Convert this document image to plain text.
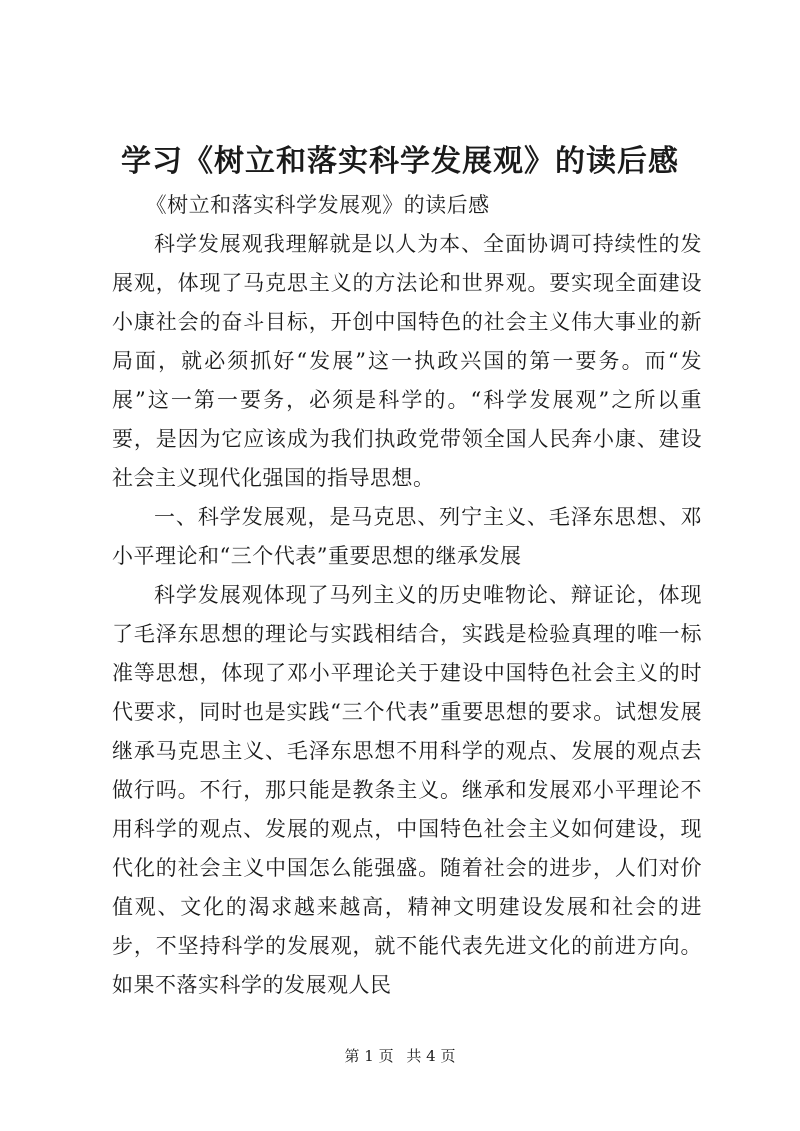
学习《树立和落实科学发展观》的读后感

《树立和落实科学发展观》的读后感

科学发展观我理解就是以人为本、全面协调可持续性的发展观，体现了马克思主义的方法论和世界观。要实现全面建设小康社会的奋斗目标，开创中国特色的社会主义伟大事业的新局面，就必须抓好“发展”这一执政兴国的第一要务。而“发展”这一第一要务，必须是科学的。“科学发展观”之所以重要，是因为它应该成为我们执政党带领全国人民奔小康、建设社会主义现代化强国的指导思想。

一、科学发展观，是马克思、列宁主义、毛泽东思想、邓小平理论和“三个代表”重要思想的继承发展

科学发展观体现了马列主义的历史唯物论、辩证论，体现了毛泽东思想的理论与实践相结合，实践是检验真理的唯一标准等思想，体现了邓小平理论关于建设中国特色社会主义的时代要求，同时也是实践“三个代表”重要思想的要求。试想发展继承马克思主义、毛泽东思想不用科学的观点、发展的观点去做行吗。不行，那只能是教条主义。继承和发展邓小平理论不用科学的观点、发展的观点，中国特色社会主义如何建设，现代化的社会主义中国怎么能强盛。随着社会的进步，人们对价值观、文化的渴求越来越高，精神文明建设发展和社会的进步，不坚持科学的发展观，就不能代表先进文化的前进方向。如果不落实科学的发展观人民

第 1 页 共 4 页
